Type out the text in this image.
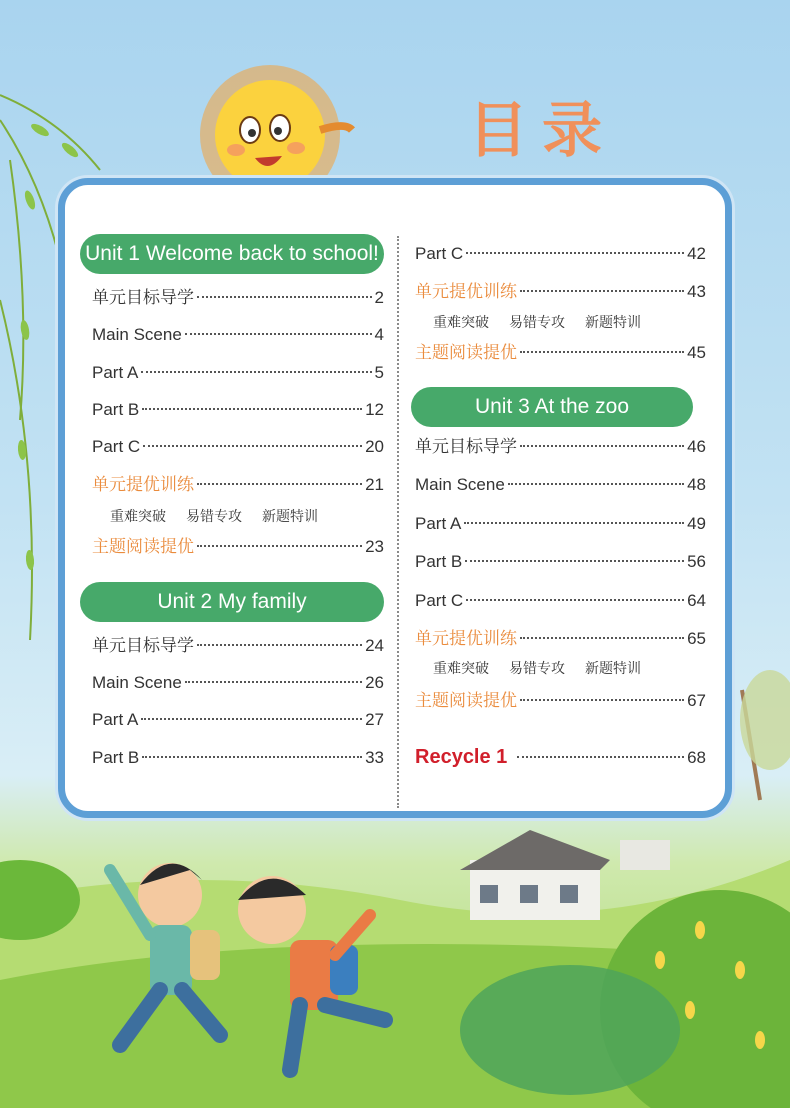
目录
Unit 1 Welcome back to school!
单元目标导学	2
Main Scene	4
Part A	5
Part B	12
Part C	20
单元提优训练	21
重难突破 易错专攻 新题特训
主题阅读提优	23
Unit 2 My family
单元目标导学	24
Main Scene	26
Part A	27
Part B	33
Part C	42
单元提优训练	43
重难突破 易错专攻 新题特训
主题阅读提优	45
Unit 3 At the zoo
单元目标导学	46
Main Scene	48
Part A	49
Part B	56
Part C	64
单元提优训练	65
重难突破 易错专攻 新题特训
主题阅读提优	67
Recycle 1	68
